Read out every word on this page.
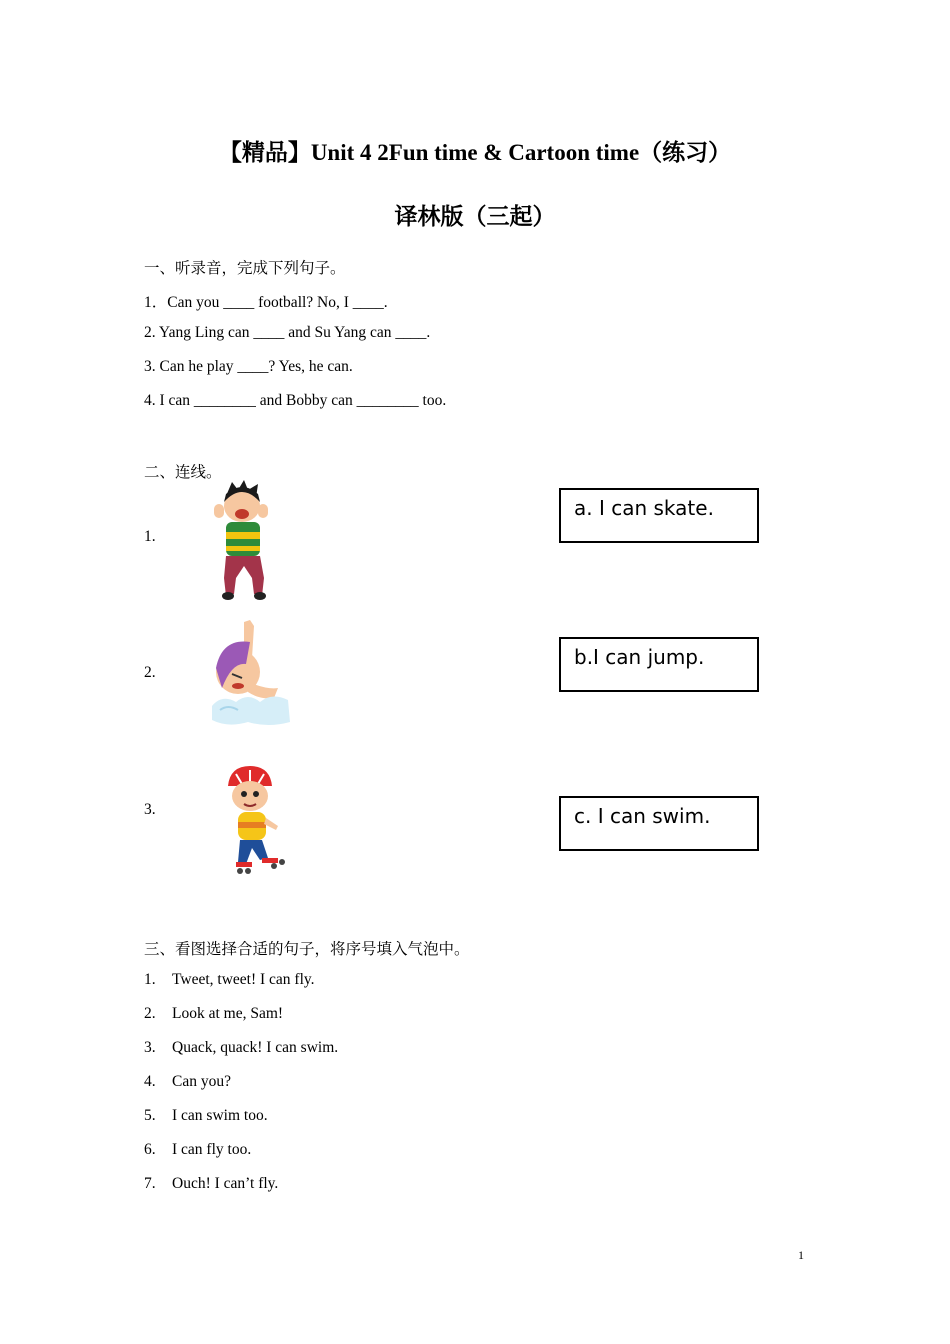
【精品】Unit 4 2Fun time & Cartoon time（练习）
译林版（三起）
一、听录音，完成下列句子。
1．Can you ____ football? No, I ____.
2. Yang Ling can ____ and Su Yang can ____.
3. Can he play ____? Yes, he can.
4. I can ________ and Bobby can ________ too.
二、连线。
1.
2.
3.
a. I can skate.
b.I can jump.
c. I can swim.
三、看图选择合适的句子，将序号填入气泡中。
1. Tweet, tweet! I can fly.
2. Look at me, Sam!
3. Quack, quack! I can swim.
4. Can you?
5. I can swim too.
6. I can fly too.
7. Ouch! I can’t fly.
1
